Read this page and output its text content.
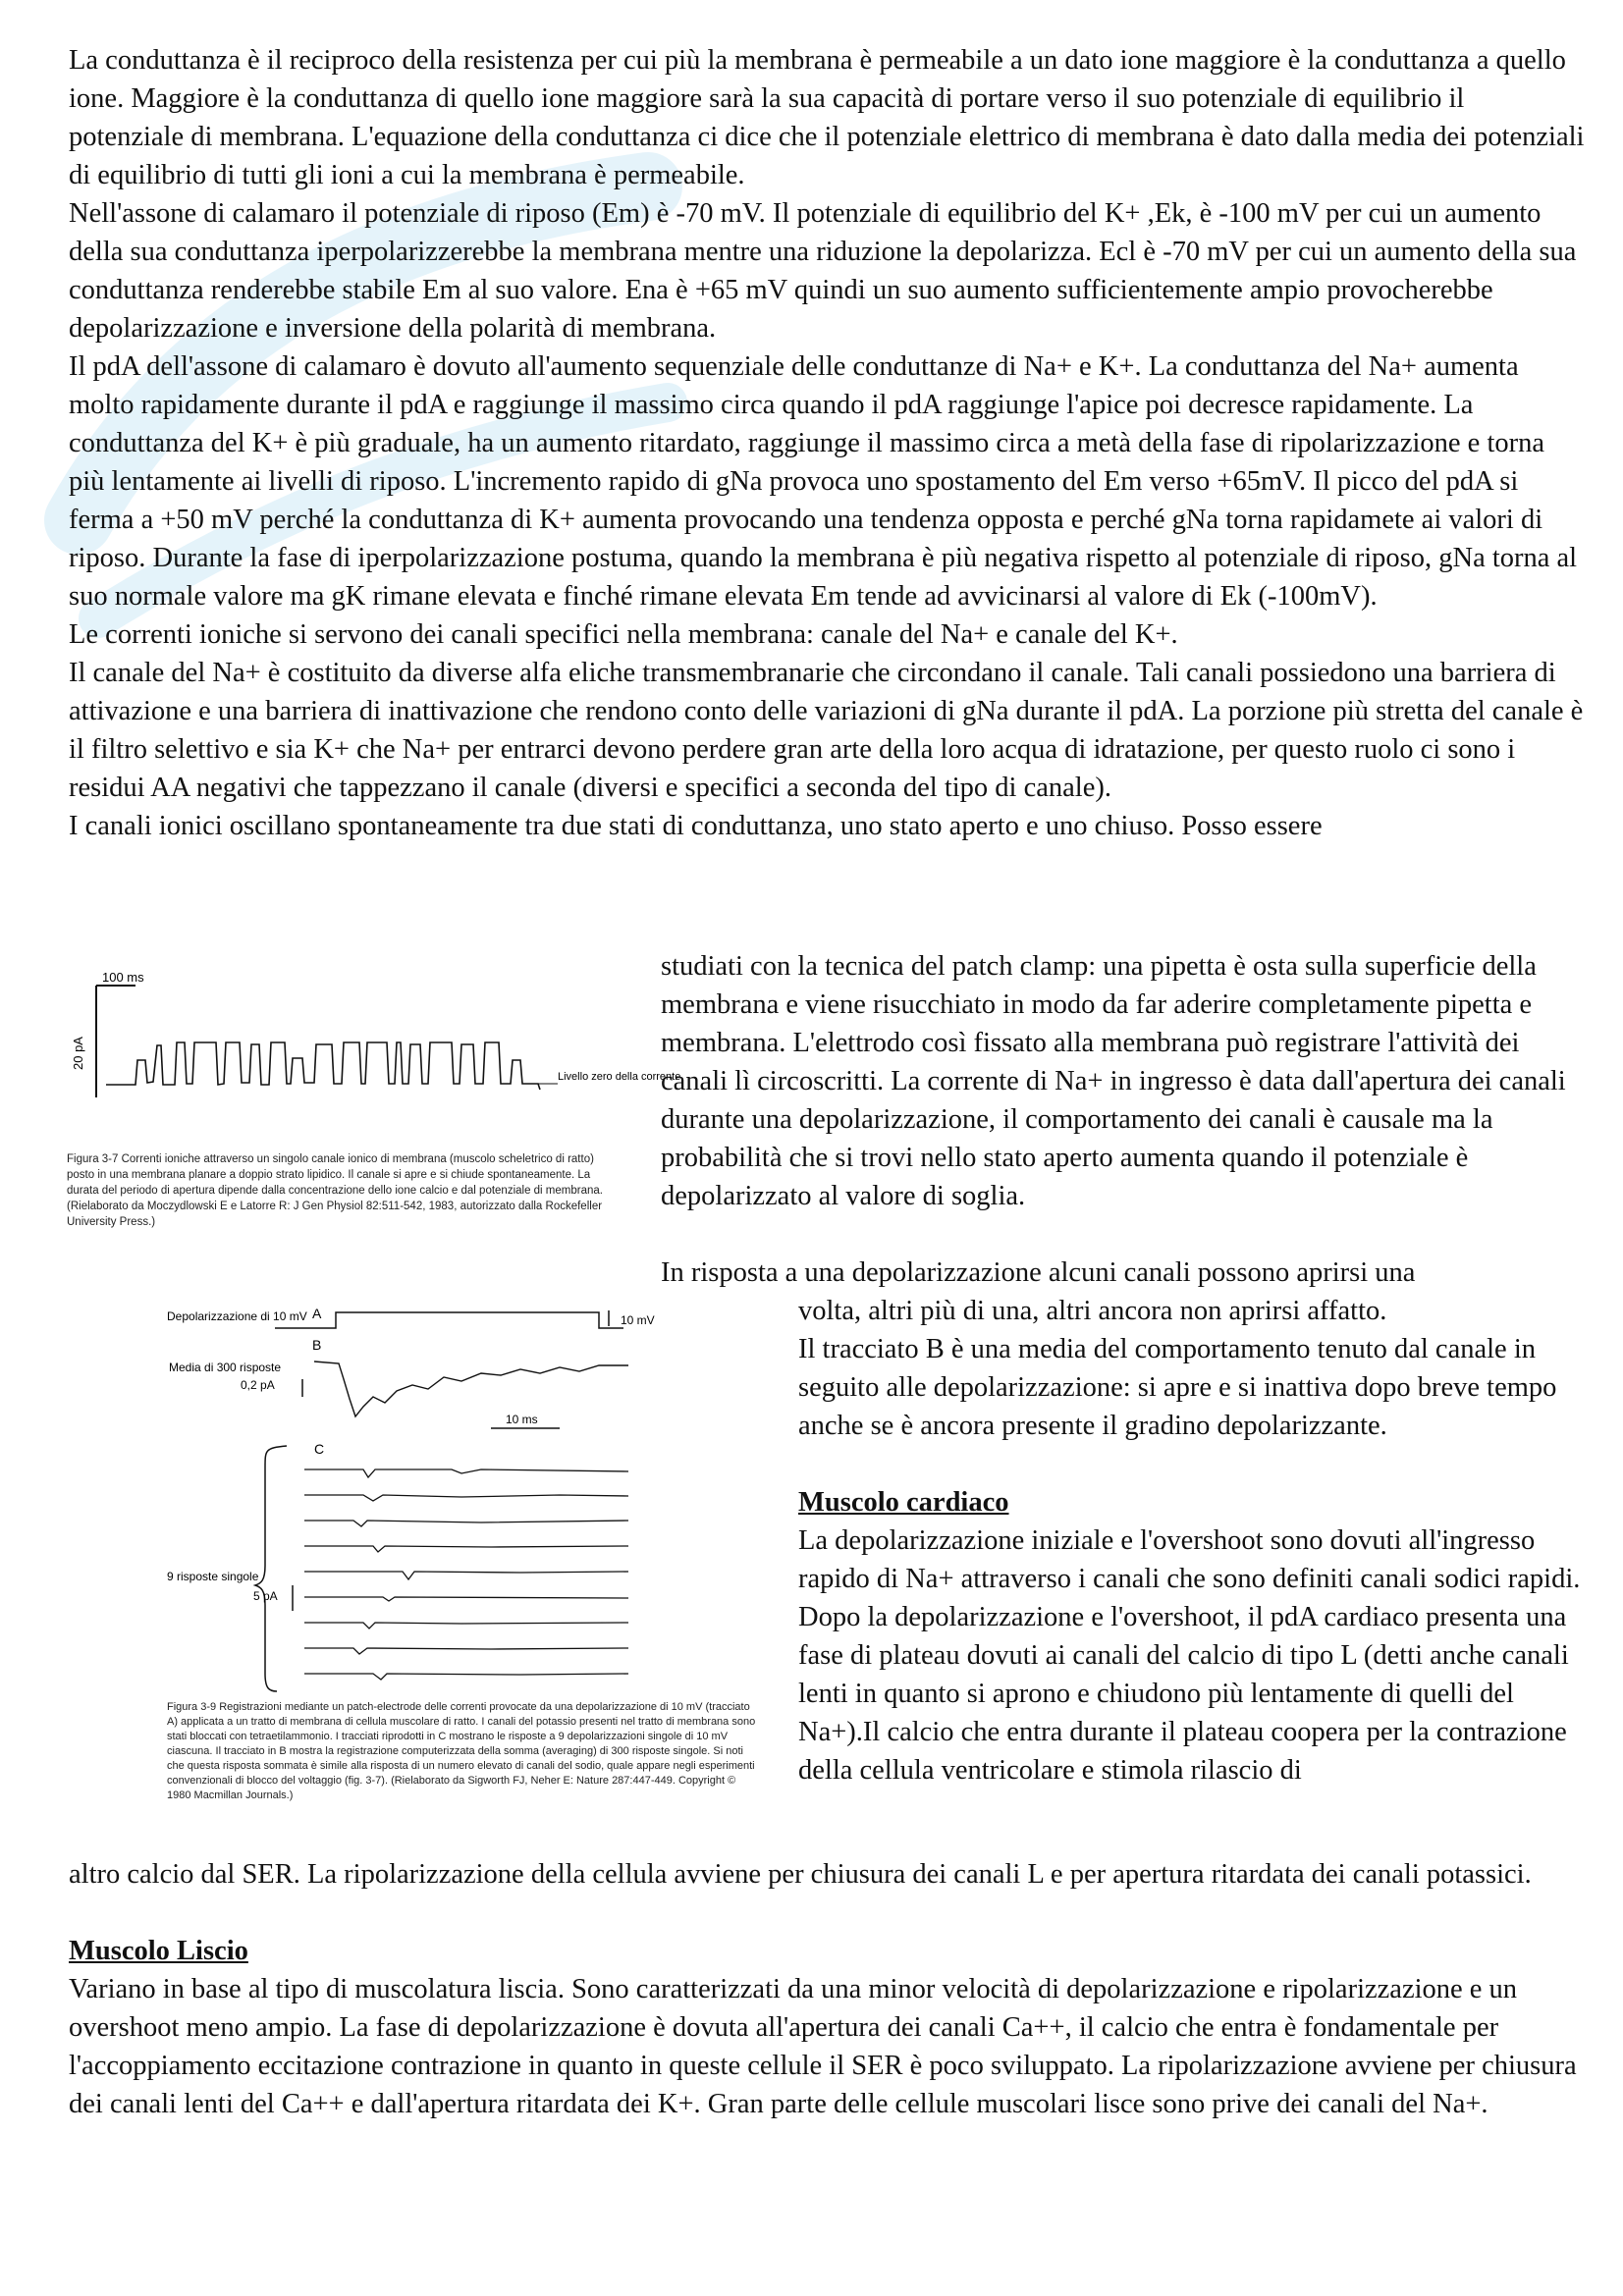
La conduttanza è il reciproco della resistenza per cui più la membrana è permeabile a un dato ione maggiore è la conduttanza a quello ione. Maggiore è la conduttanza di quello ione maggiore sarà la sua capacità di portare verso il suo potenziale di equilibrio il potenziale di membrana. L'equazione della conduttanza ci dice che il potenziale elettrico di membrana è dato dalla media dei potenziali di equilibrio di tutti gli ioni a cui la membrana è permeabile.

Nell'assone di calamaro il potenziale di riposo (Em) è -70 mV. Il potenziale di equilibrio del K+ ,Ek, è -100 mV per cui un aumento della sua conduttanza iperpolarizzerebbe la membrana mentre una riduzione la depolarizza. Ecl è -70 mV per cui un aumento della sua conduttanza renderebbe stabile Em al suo valore. Ena è +65 mV quindi un suo aumento sufficientemente ampio provocherebbe depolarizzazione e inversione della polarità di membrana.

Il pdA dell'assone di calamaro è dovuto all'aumento sequenziale delle conduttanze di Na+ e K+. La conduttanza del Na+ aumenta molto rapidamente durante il pdA e raggiunge il massimo circa quando il pdA raggiunge l'apice poi decresce rapidamente. La conduttanza del K+ è più graduale, ha un aumento ritardato, raggiunge il massimo circa a metà della fase di ripolarizzazione e torna più lentamente ai livelli di riposo. L'incremento rapido di gNa provoca uno spostamento del Em verso +65mV. Il picco del pdA si ferma a +50 mV perché la conduttanza di K+ aumenta provocando una tendenza opposta e perché gNa torna rapidamete ai valori di riposo. Durante la fase di iperpolarizzazione postuma, quando la membrana è più negativa rispetto al potenziale di riposo, gNa torna al suo normale valore ma gK rimane elevata e finché rimane elevata Em tende ad avvicinarsi al valore di Ek (-100mV).

Le correnti ioniche si servono dei canali specifici nella membrana: canale del Na+ e canale del K+.

Il canale del Na+ è costituito da diverse alfa eliche transmembranarie che circondano il canale. Tali canali possiedono una barriera di attivazione e una barriera di inattivazione che rendono conto delle variazioni di gNa durante il pdA. La porzione più stretta del canale è il filtro selettivo e sia K+ che Na+ per entrarci devono perdere gran arte della loro acqua di idratazione, per questo ruolo ci sono i residui AA negativi che tappezzano il canale (diversi e specifici a seconda del tipo di canale).

I canali ionici oscillano spontaneamente tra due stati di conduttanza, uno stato aperto e uno chiuso. Posso essere

studiati con la tecnica del patch clamp: una pipetta è osta sulla superficie della membrana e viene risucchiato in modo da far aderire completamente pipetta e membrana. L'elettrodo così fissato alla membrana può registrare l'attività dei canali lì circoscritti. La corrente di Na+ in ingresso è data dall'apertura dei canali durante una depolarizzazione, il comportamento dei canali è causale ma la probabilità che si trovi nello stato aperto aumenta quando il potenziale è depolarizzato al valore di soglia.

In risposta a una depolarizzazione alcuni canali possono aprirsi una

volta, altri più di una, altri ancora non aprirsi affatto.

Il tracciato B è una media del comportamento tenuto dal canale in seguito alle depolarizzazione: si apre e si inattiva dopo breve tempo anche se è ancora presente il gradino depolarizzante.

Muscolo cardiaco

La depolarizzazione iniziale e l'overshoot sono dovuti all'ingresso rapido di Na+ attraverso i canali che sono definiti canali sodici rapidi. Dopo la depolarizzazione e l'overshoot, il pdA cardiaco presenta una fase di plateau dovuti ai canali del calcio di tipo L (detti anche canali lenti in quanto si aprono e chiudono più lentamente di quelli del Na+).Il calcio che entra durante il plateau coopera per la contrazione della cellula ventricolare e stimola rilascio di

altro calcio dal SER. La ripolarizzazione della cellula avviene per chiusura dei canali L e per apertura ritardata dei canali potassici.

Muscolo Liscio

Variano in base al tipo di muscolatura liscia. Sono caratterizzati da una minor velocità di depolarizzazione e ripolarizzazione e un overshoot meno ampio. La fase di depolarizzazione è dovuta all'apertura dei canali Ca++, il calcio che entra è fondamentale per l'accoppiamento eccitazione contrazione in quanto in queste cellule il SER è poco sviluppato. La ripolarizzazione avviene per chiusura dei canali lenti del Ca++ e dall'apertura ritardata dei K+. Gran parte delle cellule muscolari lisce sono prive dei canali del Na+.

100 ms
20 pA
Livello zero della corrente
Figura 3-7 Correnti ioniche attraverso un singolo canale ionico di membrana (muscolo scheletrico di ratto) posto in una membrana planare a doppio strato lipidico. Il canale si apre e si chiude spontaneamente. La durata del periodo di apertura dipende dalla concentrazione dello ione calcio e dal potenziale di membrana. (Rielaborato da Moczydlowski E e Latorre R: J Gen Physiol 82:511-542, 1983, autorizzato dalla Rockefeller University Press.)
Depolarizzazione di 10 mV A	10 mV
B
Media di 300 risposte
0,2 pA
10 ms
C
9 risposte singole
5 pA
Figura 3-9 Registrazioni mediante un patch-electrode delle correnti provocate da una depolarizzazione di 10 mV (tracciato A) applicata a un tratto di membrana di cellula muscolare di ratto. I canali del potassio presenti nel tratto di membrana sono stati bloccati con tetraetilammonio. I tracciati riprodotti in C mostrano le risposte a 9 depolarizzazioni singole di 10 mV ciascuna. Il tracciato in B mostra la registrazione computerizzata della somma (averaging) di 300 risposte singole. Si noti che questa risposta sommata è simile alla risposta di un numero elevato di canali del sodio, quale appare negli esperimenti convenzionali di blocco del voltaggio (fig. 3-7). (Rielaborato da Sigworth FJ, Neher E: Nature 287:447-449. Copyright © 1980 Macmillan Journals.)
